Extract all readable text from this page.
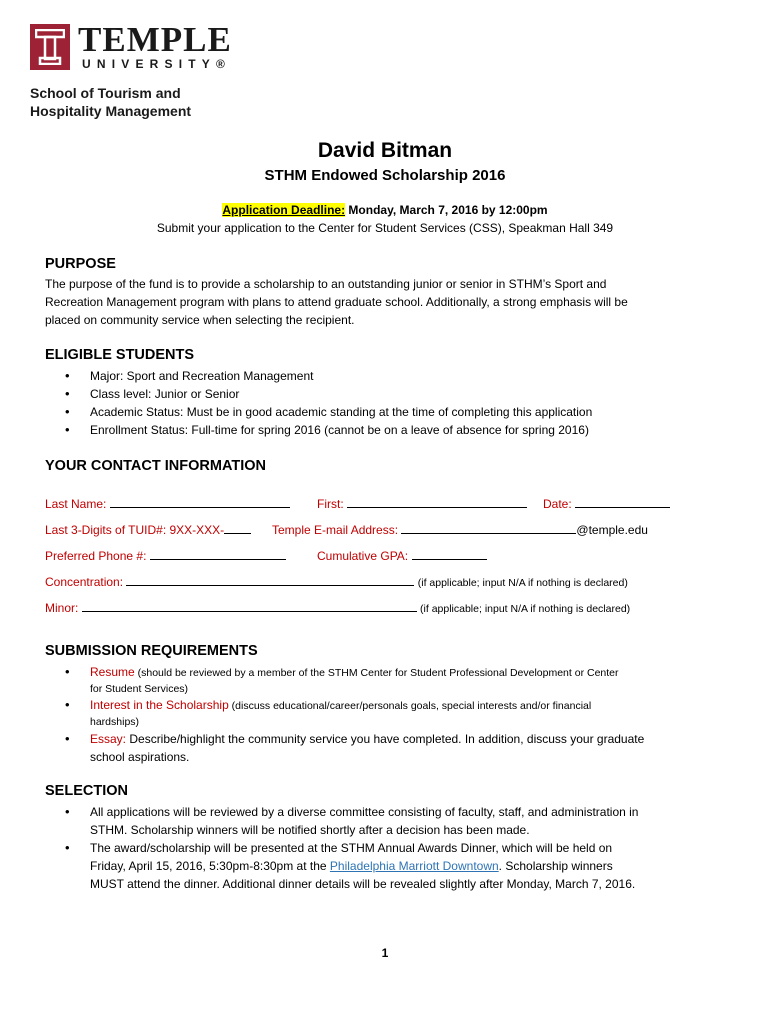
TEMPLE
UNIVERSITY®
School of Tourism and
Hospitality Management
David Bitman
STHM Endowed Scholarship 2016
Application Deadline: Monday, March 7, 2016 by 12:00pm
Submit your application to the Center for Student Services (CSS), Speakman Hall 349
PURPOSE
The purpose of the fund is to provide a scholarship to an outstanding junior or senior in STHM’s Sport and
Recreation Management program with plans to attend graduate school. Additionally, a strong emphasis will be
placed on community service when selecting the recipient.
ELIGIBLE STUDENTS
• Major: Sport and Recreation Management
• Class level: Junior or Senior
• Academic Status: Must be in good academic standing at the time of completing this application
• Enrollment Status: Full-time for spring 2016 (cannot be on a leave of absence for spring 2016)
YOUR CONTACT INFORMATION
Last Name:	First:	Date:
Last 3-Digits of TUID#: 9XX-XXX-	Temple E-mail Address:	@temple.edu
Preferred Phone #:	Cumulative GPA:
Concentration:	(if applicable; input N/A if nothing is declared)
Minor:	(if applicable; input N/A if nothing is declared)
SUBMISSION REQUIREMENTS
• Resume (should be reviewed by a member of the STHM Center for Student Professional Development or Center
for Student Services)
• Interest in the Scholarship (discuss educational/career/personals goals, special interests and/or financial
hardships)
• Essay: Describe/highlight the community service you have completed. In addition, discuss your graduate
school aspirations.
SELECTION
• All applications will be reviewed by a diverse committee consisting of faculty, staff, and administration in
STHM. Scholarship winners will be notified shortly after a decision has been made.
• The award/scholarship will be presented at the STHM Annual Awards Dinner, which will be held on
Friday, April 15, 2016, 5:30pm-8:30pm at the Philadelphia Marriott Downtown. Scholarship winners
MUST attend the dinner. Additional dinner details will be revealed slightly after Monday, March 7, 2016.
1
